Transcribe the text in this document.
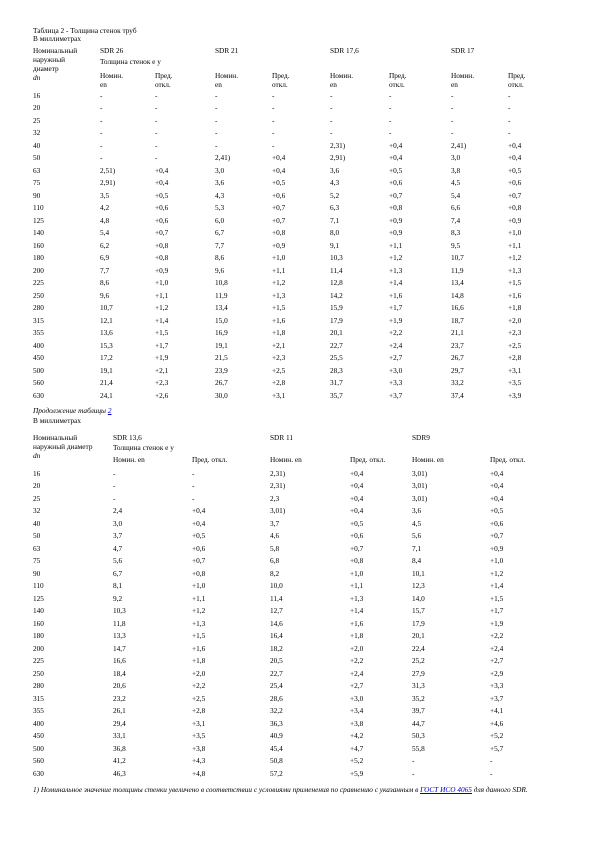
Таблица 2 - Толщина стенок труб
В миллиметрах
Номинальный
наружный
диаметр
dn
SDR 26	SDR 21	SDR 17,6	SDR 17
Толщина стенок e y
Номин.
en
Пред.
откл.
Номин.
en
Пред.
откл.
Номин.
en
Пред.
откл.
Номин.
en
Пред.
откл.
16	-	-	-	-	-	-	-	-
20	-	-	-	-	-	-	-	-
25	-	-	-	-	-	-	-	-
32	-	-	-	-	-	-	-	-
40	-	-	-	-	2,31)	+0,4	2,41)	+0,4
50	-	-	2,41)	+0,4	2,91)	+0,4	3,0	+0,4
63	2,51)	+0,4	3,0	+0,4	3,6	+0,5	3,8	+0,5
75	2,91)	+0,4	3,6	+0,5	4,3	+0,6	4,5	+0,6
90	3,5	+0,5	4,3	+0,6	5,2	+0,7	5,4	+0,7
110	4,2	+0,6	5,3	+0,7	6,3	+0,8	6,6	+0,8
125	4,8	+0,6	6,0	+0,7	7,1	+0,9	7,4	+0,9
140	5,4	+0,7	6,7	+0,8	8,0	+0,9	8,3	+1,0
160	6,2	+0,8	7,7	+0,9	9,1	+1,1	9,5	+1,1
180	6,9	+0,8	8,6	+1,0	10,3	+1,2	10,7	+1,2
200	7,7	+0,9	9,6	+1,1	11,4	+1,3	11,9	+1,3
225	8,6	+1,0	10,8	+1,2	12,8	+1,4	13,4	+1,5
250	9,6	+1,1	11,9	+1,3	14,2	+1,6	14,8	+1,6
280	10,7	+1,2	13,4	+1,5	15,9	+1,7	16,6	+1,8
315	12,1	+1,4	15,0	+1,6	17,9	+1,9	18,7	+2,0
355	13,6	+1,5	16,9	+1,8	20,1	+2,2	21,1	+2,3
400	15,3	+1,7	19,1	+2,1	22,7	+2,4	23,7	+2,5
450	17,2	+1,9	21,5	+2,3	25,5	+2,7	26,7	+2,8
500	19,1	+2,1	23,9	+2,5	28,3	+3,0	29,7	+3,1
560	21,4	+2,3	26,7	+2,8	31,7	+3,3	33,2	+3,5
630	24,1	+2,6	30,0	+3,1	35,7	+3,7	37,4	+3,9
Продолжение таблицы 2
В миллиметрах
Номинальный
наружный диаметр
dn
SDR 13,6	SDR 11	SDR9
Толщина стенок e y
Номин. en	Пред. откл.	Номин. en	Пред. откл.	Номин. en	Пред. откл.
16	-	-	2,31)	+0,4	3,01)	+0,4
20	-	-	2,31)	+0,4	3,01)	+0,4
25	-	-	2,3	+0,4	3,01)	+0,4
32	2,4	+0,4	3,01)	+0,4	3,6	+0,5
40	3,0	+0,4	3,7	+0,5	4,5	+0,6
50	3,7	+0,5	4,6	+0,6	5,6	+0,7
63	4,7	+0,6	5,8	+0,7	7,1	+0,9
75	5,6	+0,7	6,8	+0,8	8,4	+1,0
90	6,7	+0,8	8,2	+1,0	10,1	+1,2
110	8,1	+1,0	10,0	+1,1	12,3	+1,4
125	9,2	+1,1	11,4	+1,3	14,0	+1,5
140	10,3	+1,2	12,7	+1,4	15,7	+1,7
160	11,8	+1,3	14,6	+1,6	17,9	+1,9
180	13,3	+1,5	16,4	+1,8	20,1	+2,2
200	14,7	+1,6	18,2	+2,0	22,4	+2,4
225	16,6	+1,8	20,5	+2,2	25,2	+2,7
250	18,4	+2,0	22,7	+2,4	27,9	+2,9
280	20,6	+2,2	25,4	+2,7	31,3	+3,3
315	23,2	+2,5	28,6	+3,0	35,2	+3,7
355	26,1	+2,8	32,2	+3,4	39,7	+4,1
400	29,4	+3,1	36,3	+3,8	44,7	+4,6
450	33,1	+3,5	40,9	+4,2	50,3	+5,2
500	36,8	+3,8	45,4	+4,7	55,8	+5,7
560	41,2	+4,3	50,8	+5,2	-	-
630	46,3	+4,8	57,2	+5,9	-	-
1) Номинальное значение толщины стенки увеличено в соответствии с условиями применения по сравнению с указанным в ГОСТ ИСО 4065 для данного SDR.
